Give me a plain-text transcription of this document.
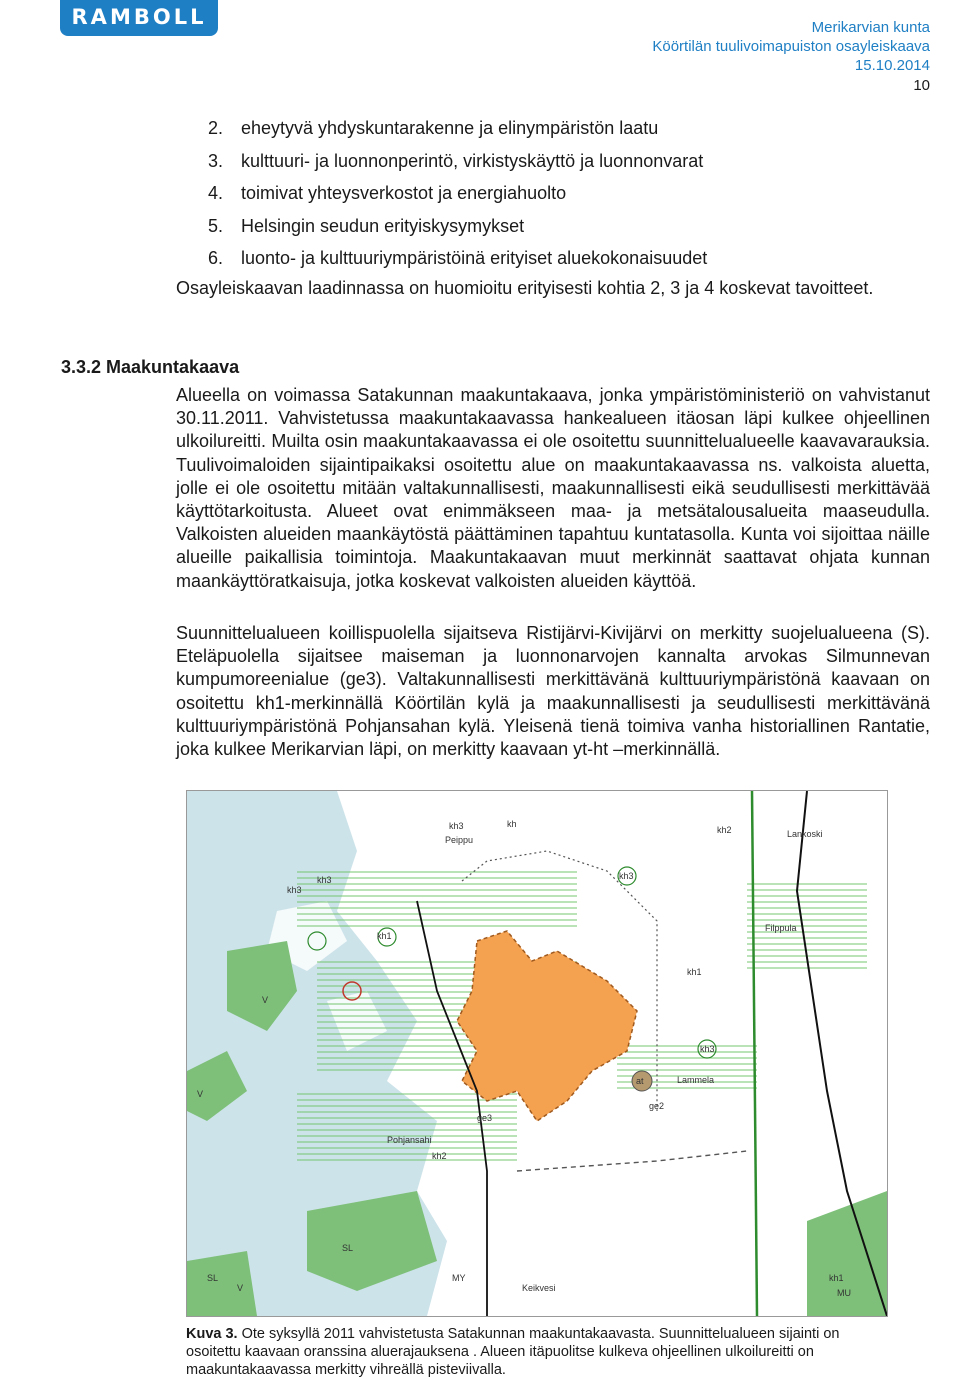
RAMBOLL	Merikarvian kunta
Köörtilän tuulivoimapuiston osayleiskaava
15.10.2014
10
2. eheytyvä yhdyskuntarakenne ja elinympäristön laatu
3. kulttuuri- ja luonnonperintö, virkistyskäyttö ja luonnonvarat
4. toimivat yhteysverkostot ja energiahuolto
5. Helsingin seudun erityiskysymykset
6. luonto- ja kulttuuriympäristöinä erityiset aluekokonaisuudet
Osayleiskaavan laadinnassa on huomioitu erityisesti kohtia 2, 3 ja 4 koskevat tavoitteet.
3.3.2 Maakuntakaava
Alueella on voimassa Satakunnan maakuntakaava, jonka ympäristöministeriö on vahvistanut 30.11.2011. Vahvistetussa maakuntakaavassa hankealueen itäosan läpi kulkee ohjeellinen ulkoilureitti. Muilta osin maakuntakaavassa ei ole osoitettu suunnittelualueelle kaavavarauksia. Tuulivoimaloiden sijaintipaikaksi osoitettu alue on maakuntakaavassa ns. valkoista aluetta, jolle ei ole osoitettu mitään valtakunnallisesti, maakunnallisesti eikä seudullisesti merkittävää käyttötarkoitusta. Alueet ovat enimmäkseen maa- ja metsätalousalueita maaseudulla. Valkoisten alueiden maankäytöstä päättäminen tapahtuu kuntatasolla. Kunta voi sijoittaa näille alueille paikallisia toimintoja. Maakuntakaavan muut merkinnät saattavat ohjata kunnan maankäyttöratkaisuja, jotka koskevat valkoisten alueiden käyttöä.
Suunnittelualueen koillispuolella sijaitseva Ristijärvi-Kivijärvi on merkitty suojelualueena (S). Eteläpuolella sijaitsee maiseman ja luonnonarvojen kannalta arvokas Silmunnevan kumpumoreenialue (ge3). Valtakunnallisesti merkittävänä kulttuuriympäristönä kaavaan on osoitettu kh1-merkinnällä Köörtilän kylä ja maakunnallisesti ja seudullisesti merkittävänä kulttuuriympäristönä Pohjansahan kylä. Yleisenä tienä toimiva vanha historiallinen Rantatie, joka kulkee Merikarvian läpi, on merkitty kaavaan yt-ht –merkinnällä.
kh3	kh
kh3
kh3
Peippu
kh1
kh3
kh1
kh2
ge2
ge3
Lankoski
Lammela
at
kh3
Pohjansahi
kh2
V
V
V
SL
SL	MY
Keikvesi	MU
Filppula
kh1
Kuva 3. Ote syksyllä 2011 vahvistetusta Satakunnan maakuntakaavasta. Suunnittelualueen sijainti on osoitettu kaavaan oranssina aluerajauksena . Alueen itäpuolitse kulkeva ohjeellinen ulkoilureitti on maakuntakaavassa merkitty vihreällä pisteviivalla.
